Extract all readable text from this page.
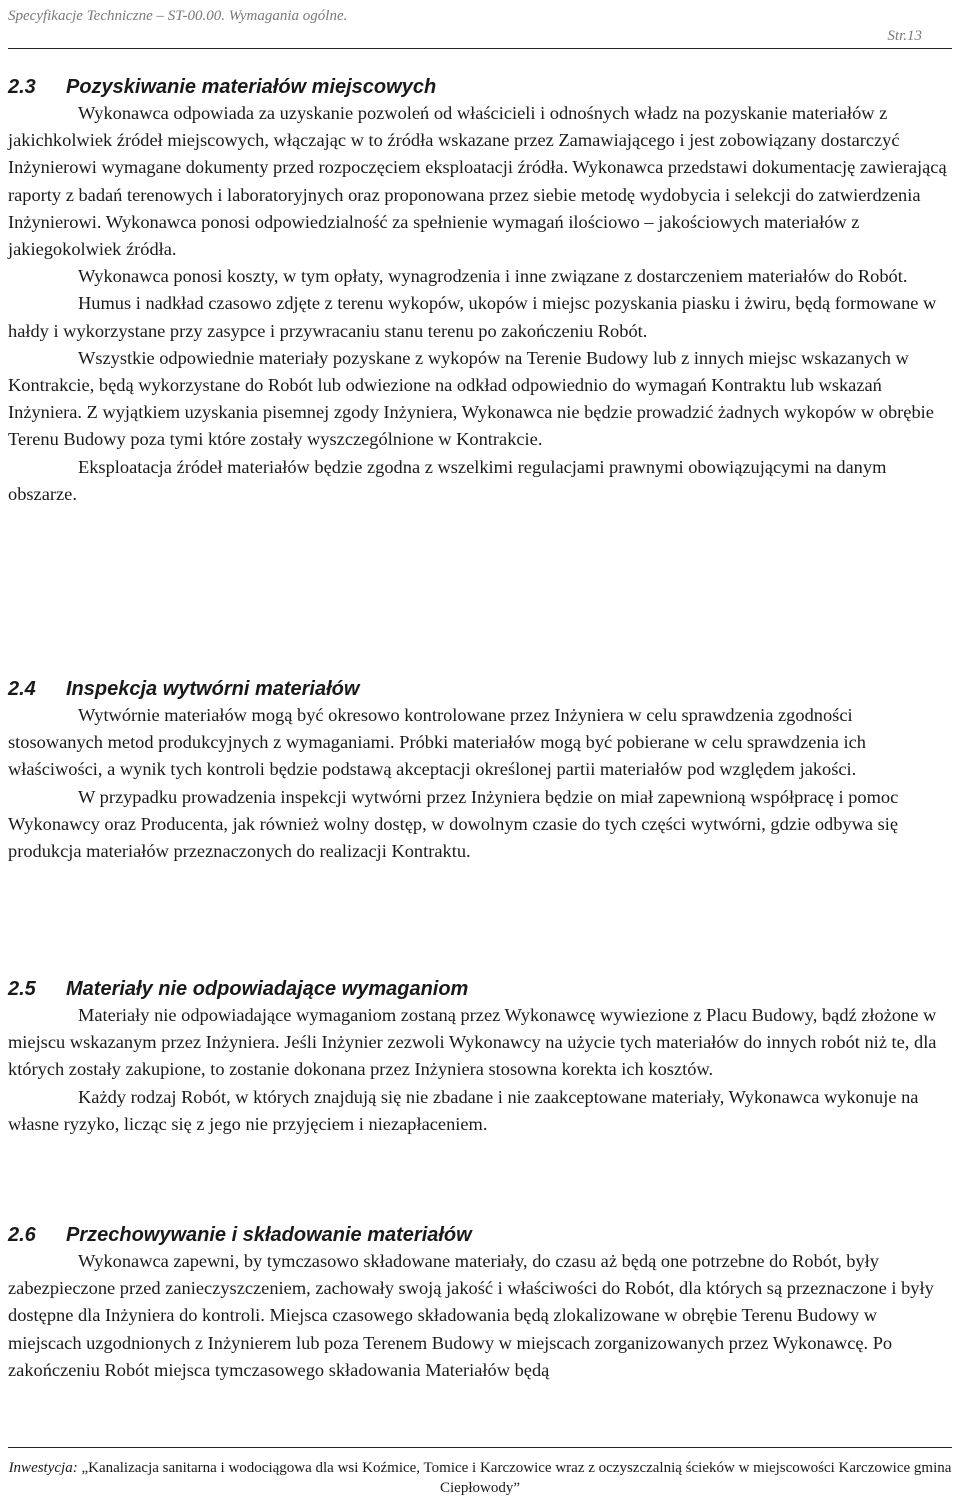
Specyfikacje Techniczne – ST-00.00. Wymagania ogólne.
Str.13
2.3 Pozyskiwanie materiałów miejscowych

Wykonawca odpowiada za uzyskanie pozwoleń od właścicieli i odnośnych władz na pozyskanie materiałów z jakichkolwiek źródeł miejscowych, włączając w to źródła wskazane przez Zamawiającego i jest zobowiązany dostarczyć Inżynierowi wymagane dokumenty przed rozpoczęciem eksploatacji źródła. Wykonawca przedstawi dokumentację zawierającą raporty z badań terenowych i laboratoryjnych oraz proponowana przez siebie metodę wydobycia i selekcji do zatwierdzenia Inżynierowi. Wykonawca ponosi odpowiedzialność za spełnienie wymagań ilościowo – jakościowych materiałów z jakiegokolwiek źródła.

Wykonawca ponosi koszty, w tym opłaty, wynagrodzenia i inne związane z dostarczeniem materiałów do Robót.

Humus i nadkład czasowo zdjęte z terenu wykopów, ukopów i miejsc pozyskania piasku i żwiru, będą formowane w hałdy i wykorzystane przy zasypce i przywracaniu stanu terenu po zakończeniu Robót.

Wszystkie odpowiednie materiały pozyskane z wykopów na Terenie Budowy lub z innych miejsc wskazanych w Kontrakcie, będą wykorzystane do Robót lub odwiezione na odkład odpowiednio do wymagań Kontraktu lub wskazań Inżyniera. Z wyjątkiem uzyskania pisemnej zgody Inżyniera, Wykonawca nie będzie prowadzić żadnych wykopów w obrębie Terenu Budowy poza tymi które zostały wyszczególnione w Kontrakcie.

Eksploatacja źródeł materiałów będzie zgodna z wszelkimi regulacjami prawnymi obowiązującymi na danym obszarze.

2.4 Inspekcja wytwórni materiałów

Wytwórnie materiałów mogą być okresowo kontrolowane przez Inżyniera w celu sprawdzenia zgodności stosowanych metod produkcyjnych z wymaganiami. Próbki materiałów mogą być pobierane w celu sprawdzenia ich właściwości, a wynik tych kontroli będzie podstawą akceptacji określonej partii materiałów pod względem jakości.

W przypadku prowadzenia inspekcji wytwórni przez Inżyniera będzie on miał zapewnioną współpracę i pomoc Wykonawcy oraz Producenta, jak również wolny dostęp, w dowolnym czasie do tych części wytwórni, gdzie odbywa się produkcja materiałów przeznaczonych do realizacji Kontraktu.

2.5 Materiały nie odpowiadające wymaganiom

Materiały nie odpowiadające wymaganiom zostaną przez Wykonawcę wywiezione z Placu Budowy, bądź złożone w miejscu wskazanym przez Inżyniera. Jeśli Inżynier zezwoli Wykonawcy na użycie tych materiałów do innych robót niż te, dla których zostały zakupione, to zostanie dokonana przez Inżyniera stosowna korekta ich kosztów.

Każdy rodzaj Robót, w których znajdują się nie zbadane i nie zaakceptowane materiały, Wykonawca wykonuje na własne ryzyko, licząc się z jego nie przyjęciem i niezapłaceniem.

2.6 Przechowywanie i składowanie materiałów

Wykonawca zapewni, by tymczasowo składowane materiały, do czasu aż będą one potrzebne do Robót, były zabezpieczone przed zanieczyszczeniem, zachowały swoją jakość i właściwości do Robót, dla których są przeznaczone i były dostępne dla Inżyniera do kontroli. Miejsca czasowego składowania będą zlokalizowane w obrębie Terenu Budowy w miejscach uzgodnionych z Inżynierem lub poza Terenem Budowy w miejscach zorganizowanych przez Wykonawcę. Po zakończeniu Robót miejsca tymczasowego składowania Materiałów będą

Inwestycja: „Kanalizacja sanitarna i wodociągowa dla wsi Koźmice, Tomice i Karczowice wraz z oczyszczalnią ścieków w miejscowości Karczowice gmina Ciepłowody”
